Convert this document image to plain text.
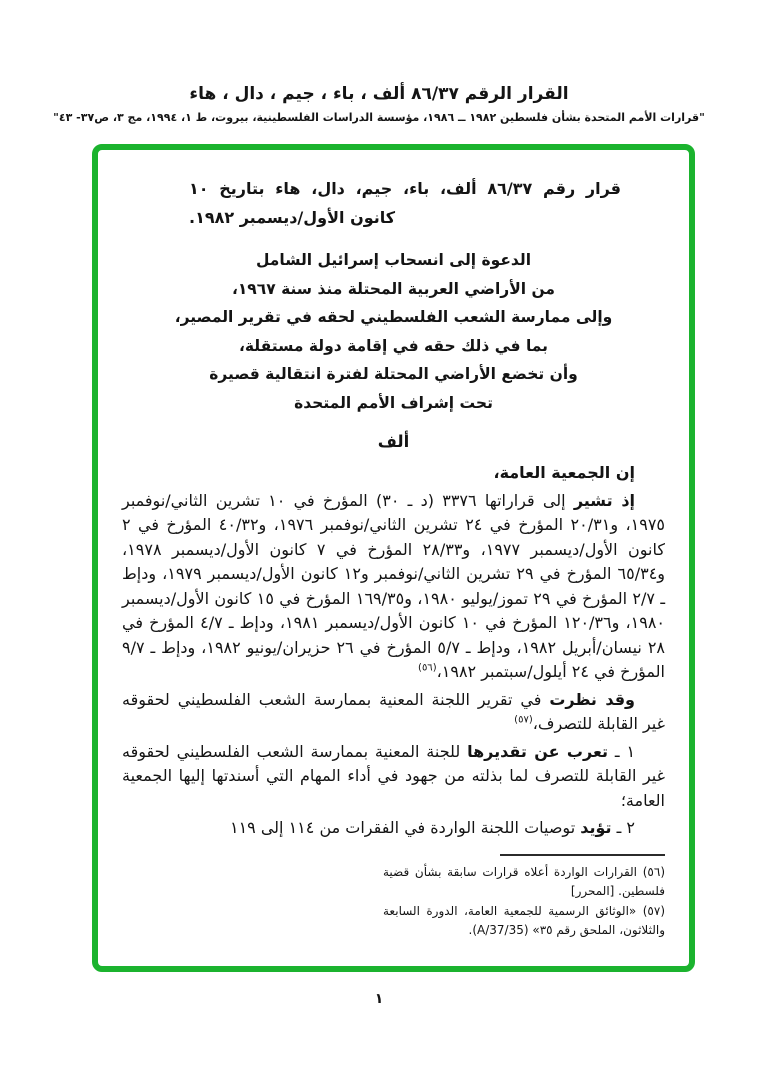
القرار الرقم ٨٦/٣٧ ألف ، باء ، جيم ، دال ، هاء
"قرارات الأمم المتحدة بشأن فلسطين ١٩٨٢ ــ ١٩٨٦، مؤسسة الدراسات الفلسطينية، بيروت، ط ١، ١٩٩٤، مج ٣، ص٣٧- ٤٣"
قرار رقم ٨٦/٣٧ ألف، باء، جيم، دال، هاء بتاريخ ١٠ كانون الأول/ديسمبر ١٩٨٢.
الدعوة إلى انسحاب إسرائيل الشامل
من الأراضي العربية المحتلة منذ سنة ١٩٦٧،
وإلى ممارسة الشعب الفلسطيني لحقه في تقرير المصير،
بما في ذلك حقه في إقامة دولة مستقلة،
وأن تخضع الأراضي المحتلة لفترة انتقالية قصيرة
تحت إشراف الأمم المتحدة
ألف

إن الجمعية العامة،

إذ تشير إلى قراراتها ٣٣٧٦ (د ـ ٣٠) المؤرخ في ١٠ تشرين الثاني/نوفمبر ١٩٧٥، و٢٠/٣١ المؤرخ في ٢٤ تشرين الثاني/نوفمبر ١٩٧٦، و٤٠/٣٢ المؤرخ في ٢ كانون الأول/ديسمبر ١٩٧٧، و٢٨/٣٣ المؤرخ في ٧ كانون الأول/ديسمبر ١٩٧٨، و٦٥/٣٤ المؤرخ في ٢٩ تشرين الثاني/نوفمبر و١٢ كانون الأول/ديسمبر ١٩٧٩، ودإط ـ ٢/٧ المؤرخ في ٢٩ تموز/يوليو ١٩٨٠، و١٦٩/٣٥ المؤرخ في ١٥ كانون الأول/ديسمبر ١٩٨٠، و١٢٠/٣٦ المؤرخ في ١٠ كانون الأول/ديسمبر ١٩٨١، ودإط ـ ٤/٧ المؤرخ في ٢٨ نيسان/أبريل ١٩٨٢، ودإط ـ ٥/٧ المؤرخ في ٢٦ حزيران/يونيو ١٩٨٢، ودإط ـ ٩/٧ المؤرخ في ٢٤ أيلول/سبتمبر ١٩٨٢،$^{(٥٦)}$

وقد نظرت في تقرير اللجنة المعنية بممارسة الشعب الفلسطيني لحقوقه غير القابلة للتصرف،$^{(٥٧)}$

١ ـ تعرب عن تقديرها للجنة المعنية بممارسة الشعب الفلسطيني لحقوقه غير القابلة للتصرف لما بذلته من جهود في أداء المهام التي أسندتها إليها الجمعية العامة؛

٢ ـ تؤيد توصيات اللجنة الواردة في الفقرات من ١١٤ إلى ١١٩

(٥٦) القرارات الواردة أعلاه قرارات سابقة بشأن قضية فلسطين. [المحرر]

(٥٧) «الوثائق الرسمية للجمعية العامة، الدورة السابعة والثلاثون، الملحق رقم ٣٥» (A/37/35).

١
